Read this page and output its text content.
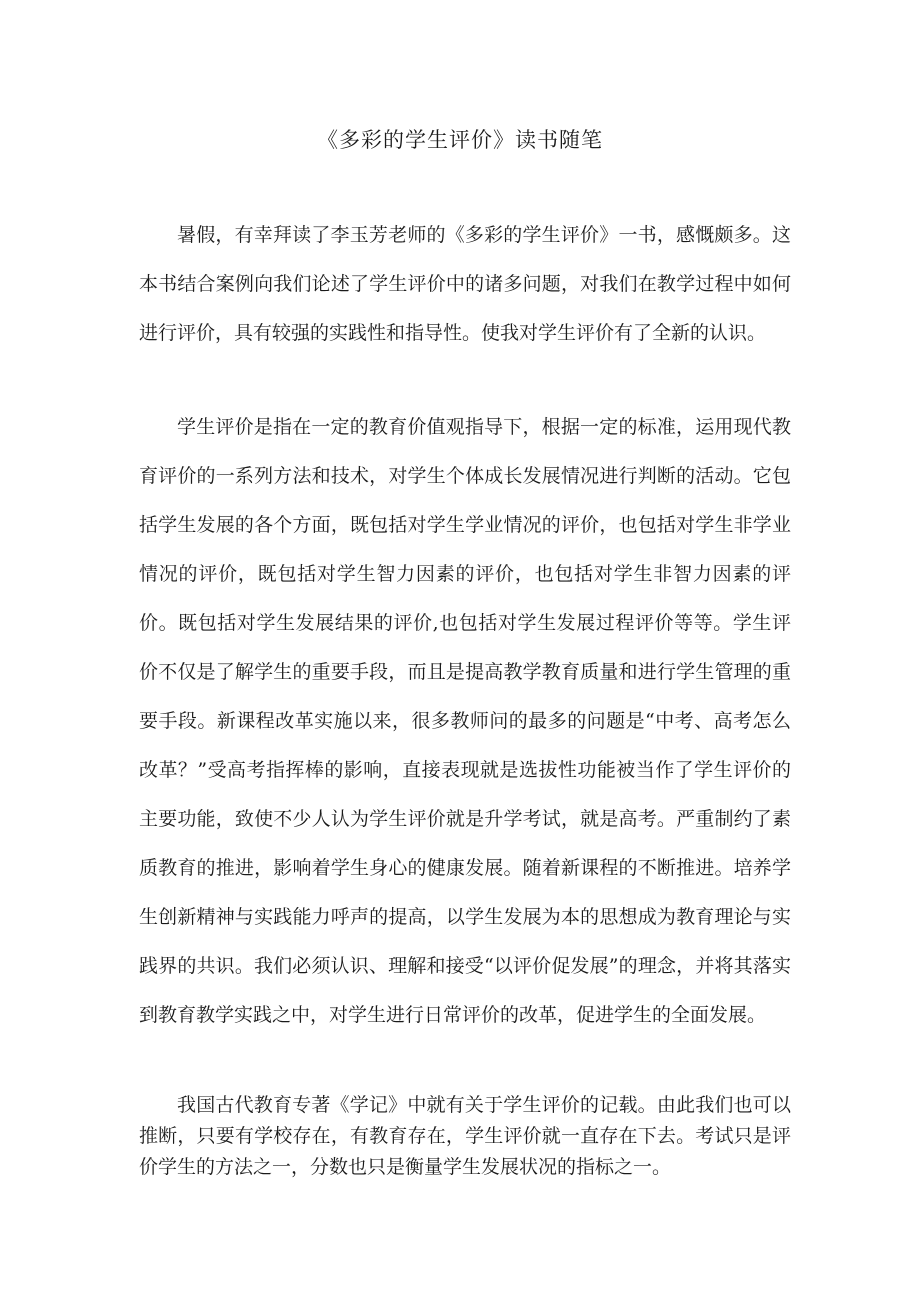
《多彩的学生评价》读书随笔

暑假，有幸拜读了李玉芳老师的《多彩的学生评价》一书，感慨颇多。这本书结合案例向我们论述了学生评价中的诸多问题，对我们在教学过程中如何进行评价，具有较强的实践性和指导性。使我对学生评价有了全新的认识。

学生评价是指在一定的教育价值观指导下，根据一定的标准，运用现代教育评价的一系列方法和技术，对学生个体成长发展情况进行判断的活动。它包括学生发展的各个方面，既包括对学生学业情况的评价，也包括对学生非学业情况的评价，既包括对学生智力因素的评价，也包括对学生非智力因素的评价。既包括对学生发展结果的评价,也包括对学生发展过程评价等等。学生评价不仅是了解学生的重要手段，而且是提高教学教育质量和进行学生管理的重要手段。新课程改革实施以来，很多教师问的最多的问题是“中考、高考怎么改革？”受高考指挥棒的影响，直接表现就是选拔性功能被当作了学生评价的主要功能，致使不少人认为学生评价就是升学考试，就是高考。严重制约了素质教育的推进，影响着学生身心的健康发展。随着新课程的不断推进。培养学生创新精神与实践能力呼声的提高，以学生发展为本的思想成为教育理论与实践界的共识。我们必须认识、理解和接受“以评价促发展”的理念，并将其落实到教育教学实践之中，对学生进行日常评价的改革，促进学生的全面发展。

我国古代教育专著《学记》中就有关于学生评价的记载。由此我们也可以推断，只要有学校存在，有教育存在，学生评价就一直存在下去。考试只是评价学生的方法之一，分数也只是衡量学生发展状况的指标之一。
